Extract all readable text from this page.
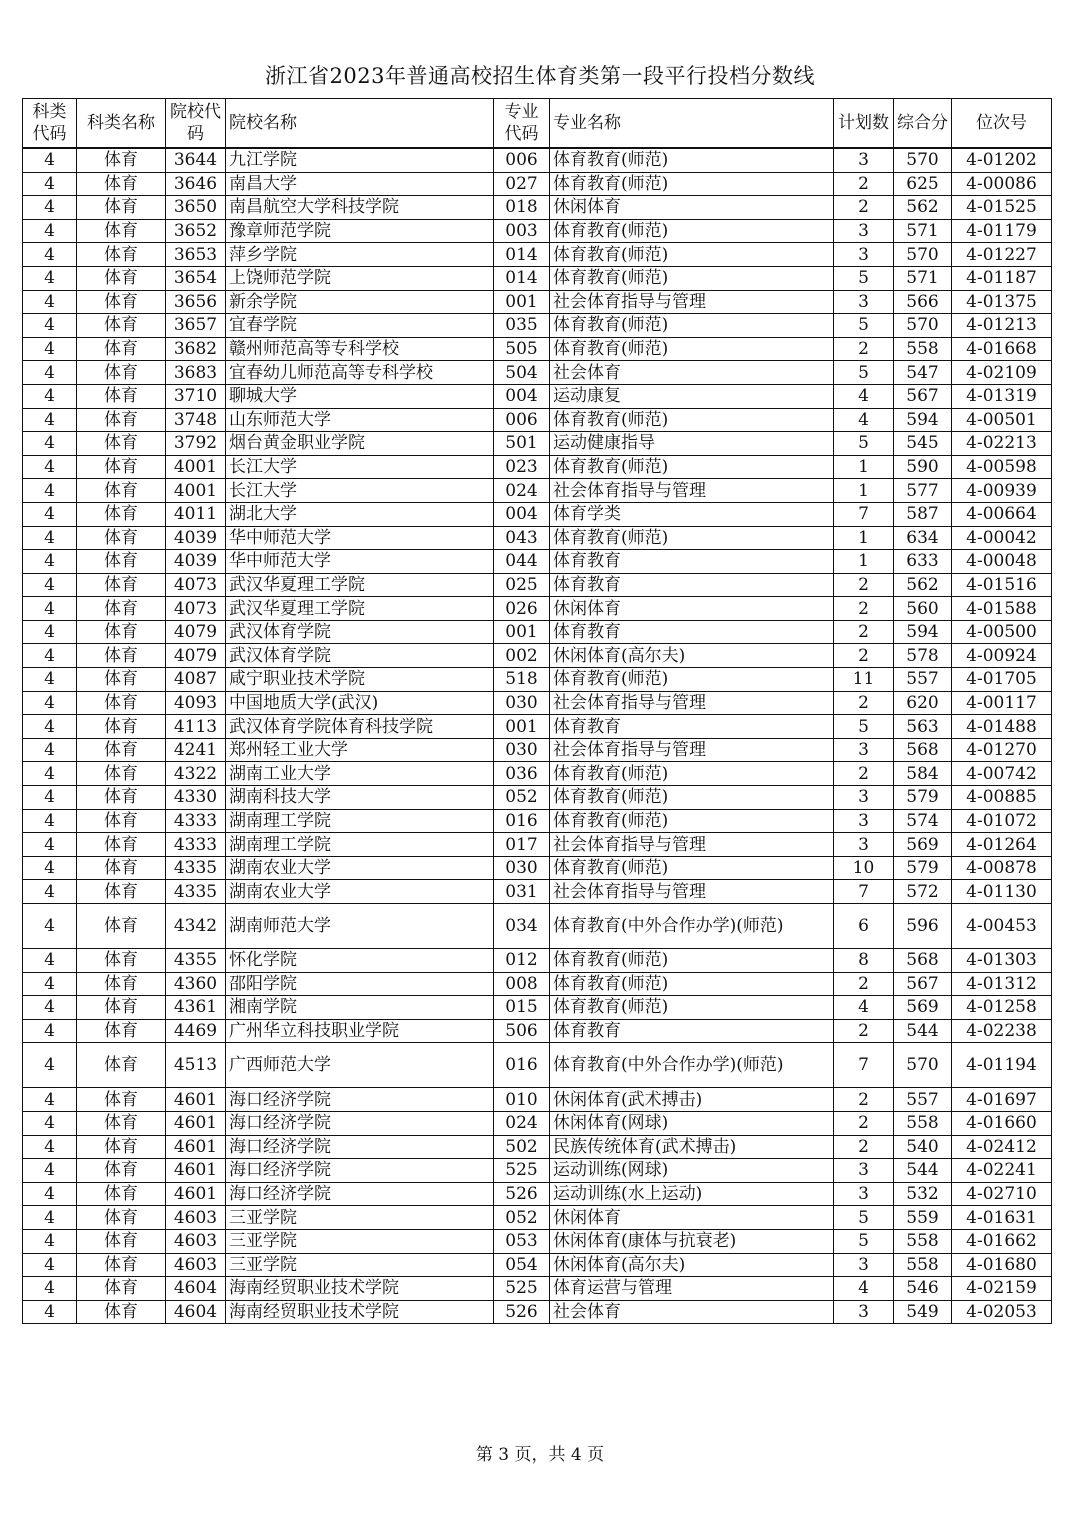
浙江省2023年普通高校招生体育类第一段平行投档分数线
科类代码	科类名称	院校代码	院校名称	专业代码	专业名称	计划数	综合分	位次号
4	体育	3644	九江学院	006	体育教育(师范)	3	570	4-01202
4	体育	3646	南昌大学	027	体育教育(师范)	2	625	4-00086
4	体育	3650	南昌航空大学科技学院	018	休闲体育	2	562	4-01525
4	体育	3652	豫章师范学院	003	体育教育(师范)	3	571	4-01179
4	体育	3653	萍乡学院	014	体育教育(师范)	3	570	4-01227
4	体育	3654	上饶师范学院	014	体育教育(师范)	5	571	4-01187
4	体育	3656	新余学院	001	社会体育指导与管理	3	566	4-01375
4	体育	3657	宜春学院	035	体育教育(师范)	5	570	4-01213
4	体育	3682	赣州师范高等专科学校	505	体育教育(师范)	2	558	4-01668
4	体育	3683	宜春幼儿师范高等专科学校	504	社会体育	5	547	4-02109
4	体育	3710	聊城大学	004	运动康复	4	567	4-01319
4	体育	3748	山东师范大学	006	体育教育(师范)	4	594	4-00501
4	体育	3792	烟台黄金职业学院	501	运动健康指导	5	545	4-02213
4	体育	4001	长江大学	023	体育教育(师范)	1	590	4-00598
4	体育	4001	长江大学	024	社会体育指导与管理	1	577	4-00939
4	体育	4011	湖北大学	004	体育学类	7	587	4-00664
4	体育	4039	华中师范大学	043	体育教育(师范)	1	634	4-00042
4	体育	4039	华中师范大学	044	体育教育	1	633	4-00048
4	体育	4073	武汉华夏理工学院	025	体育教育	2	562	4-01516
4	体育	4073	武汉华夏理工学院	026	休闲体育	2	560	4-01588
4	体育	4079	武汉体育学院	001	体育教育	2	594	4-00500
4	体育	4079	武汉体育学院	002	休闲体育(高尔夫)	2	578	4-00924
4	体育	4087	咸宁职业技术学院	518	体育教育(师范)	11	557	4-01705
4	体育	4093	中国地质大学(武汉)	030	社会体育指导与管理	2	620	4-00117
4	体育	4113	武汉体育学院体育科技学院	001	体育教育	5	563	4-01488
4	体育	4241	郑州轻工业大学	030	社会体育指导与管理	3	568	4-01270
4	体育	4322	湖南工业大学	036	体育教育(师范)	2	584	4-00742
4	体育	4330	湖南科技大学	052	体育教育(师范)	3	579	4-00885
4	体育	4333	湖南理工学院	016	体育教育(师范)	3	574	4-01072
4	体育	4333	湖南理工学院	017	社会体育指导与管理	3	569	4-01264
4	体育	4335	湖南农业大学	030	体育教育(师范)	10	579	4-00878
4	体育	4335	湖南农业大学	031	社会体育指导与管理	7	572	4-01130
4	体育	4342	湖南师范大学	034	体育教育(中外合作办学)(师范)	6	596	4-00453
4	体育	4355	怀化学院	012	体育教育(师范)	8	568	4-01303
4	体育	4360	邵阳学院	008	体育教育(师范)	2	567	4-01312
4	体育	4361	湘南学院	015	体育教育(师范)	4	569	4-01258
4	体育	4469	广州华立科技职业学院	506	体育教育	2	544	4-02238
4	体育	4513	广西师范大学	016	体育教育(中外合作办学)(师范)	7	570	4-01194
4	体育	4601	海口经济学院	010	休闲体育(武术搏击)	2	557	4-01697
4	体育	4601	海口经济学院	024	休闲体育(网球)	2	558	4-01660
4	体育	4601	海口经济学院	502	民族传统体育(武术搏击)	2	540	4-02412
4	体育	4601	海口经济学院	525	运动训练(网球)	3	544	4-02241
4	体育	4601	海口经济学院	526	运动训练(水上运动)	3	532	4-02710
4	体育	4603	三亚学院	052	休闲体育	5	559	4-01631
4	体育	4603	三亚学院	053	休闲体育(康体与抗衰老)	5	558	4-01662
4	体育	4603	三亚学院	054	休闲体育(高尔夫)	3	558	4-01680
4	体育	4604	海南经贸职业技术学院	525	体育运营与管理	4	546	4-02159
4	体育	4604	海南经贸职业技术学院	526	社会体育	3	549	4-02053
第 3 页，共 4 页
